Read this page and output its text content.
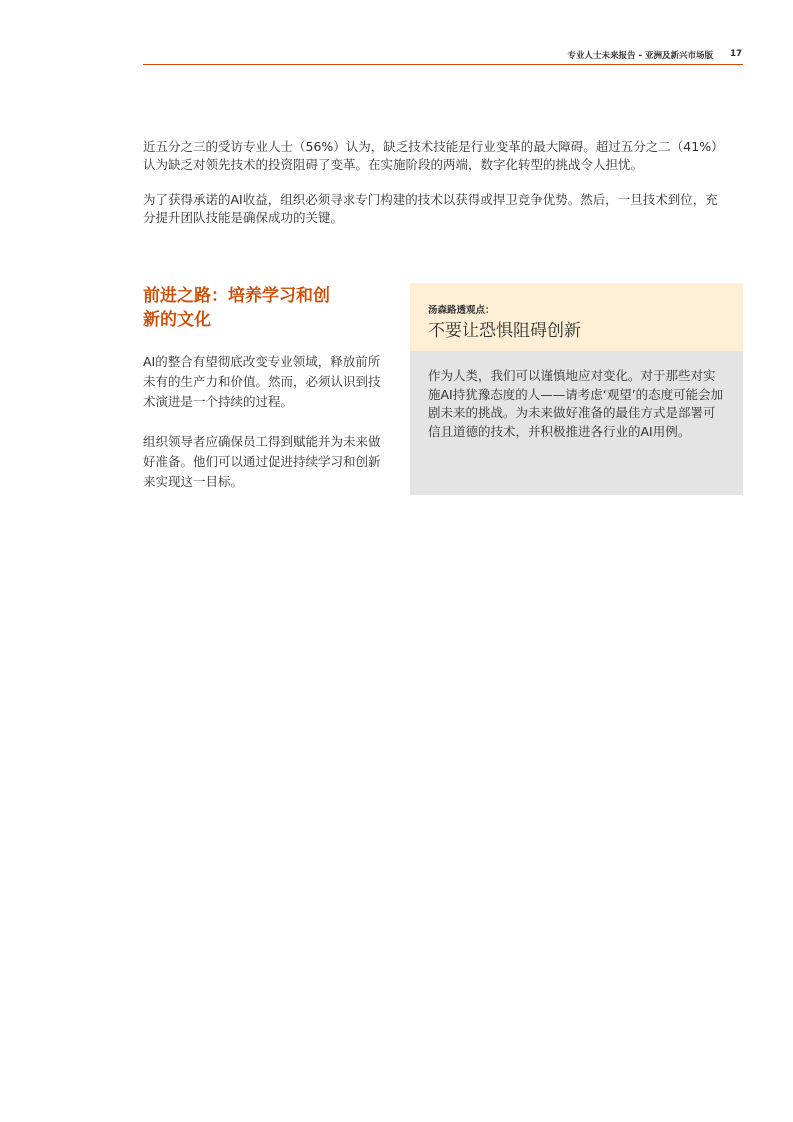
专业人士未来报告 - 亚洲及新兴市场版 17

近五分之三的受访专业人士（56%）认为，缺乏技术技能是行业变革的最大障碍。超过五分之二（41%）认为缺乏对领先技术的投资阻碍了变革。在实施阶段的两端，数字化转型的挑战令人担忧。

为了获得承诺的AI收益，组织必须寻求专门构建的技术以获得或捍卫竞争优势。然后，一旦技术到位，充分提升团队技能是确保成功的关键。

前进之路：培养学习和创新的文化

AI的整合有望彻底改变专业领域，释放前所未有的生产力和价值。然而，必须认识到技术演进是一个持续的过程。

组织领导者应确保员工得到赋能并为未来做好准备。他们可以通过促进持续学习和创新来实现这一目标。

汤森路透观点：
不要让恐惧阻碍创新
作为人类，我们可以谨慎地应对变化。对于那些对实施AI持犹豫态度的人——请考虑‘观望’的态度可能会加剧未来的挑战。为未来做好准备的最佳方式是部署可信且道德的技术，并积极推进各行业的AI用例。
